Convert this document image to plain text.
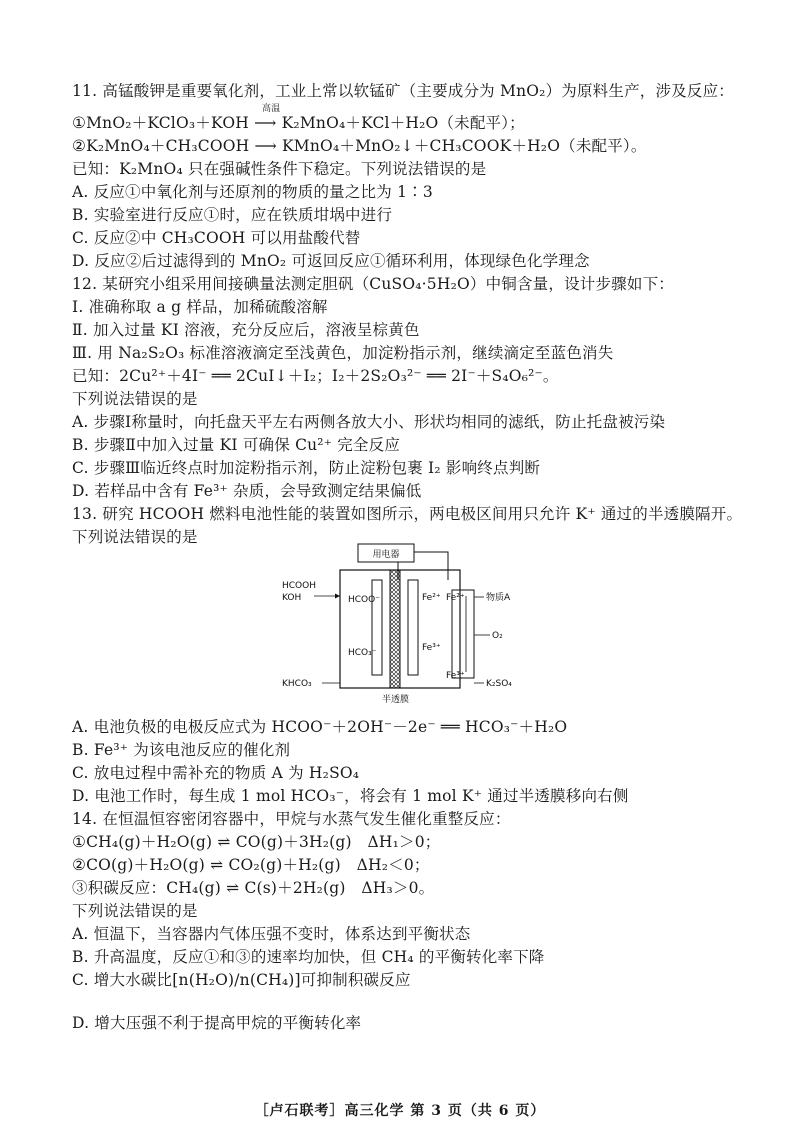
11. 高锰酸钾是重要氧化剂，工业上常以软锰矿（主要成分为 MnO₂）为原料生产，涉及反应：
高温
①MnO₂＋KClO₃＋KOH ⟶ K₂MnO₄＋KCl＋H₂O（未配平）；
②K₂MnO₄＋CH₃COOH ⟶ KMnO₄＋MnO₂↓＋CH₃COOK＋H₂O（未配平）。
已知：K₂MnO₄ 只在强碱性条件下稳定。下列说法错误的是
A. 反应①中氧化剂与还原剂的物质的量之比为 1∶3
B. 实验室进行反应①时，应在铁质坩埚中进行
C. 反应②中 CH₃COOH 可以用盐酸代替
D. 反应②后过滤得到的 MnO₂ 可返回反应①循环利用，体现绿色化学理念
12. 某研究小组采用间接碘量法测定胆矾（CuSO₄·5H₂O）中铜含量，设计步骤如下：
Ⅰ. 准确称取 a g 样品，加稀硫酸溶解
Ⅱ. 加入过量 KI 溶液，充分反应后，溶液呈棕黄色
Ⅲ. 用 Na₂S₂O₃ 标准溶液滴定至浅黄色，加淀粉指示剂，继续滴定至蓝色消失
已知：2Cu²⁺＋4I⁻ ══ 2CuI↓＋I₂；I₂＋2S₂O₃²⁻ ══ 2I⁻＋S₄O₆²⁻。
下列说法错误的是
A. 步骤Ⅰ称量时，向托盘天平左右两侧各放大小、形状均相同的滤纸，防止托盘被污染
B. 步骤Ⅱ中加入过量 KI 可确保 Cu²⁺ 完全反应
C. 步骤Ⅲ临近终点时加淀粉指示剂，防止淀粉包裹 I₂ 影响终点判断
D. 若样品中含有 Fe³⁺ 杂质，会导致测定结果偏低
13. 研究 HCOOH 燃料电池性能的装置如图所示，两电极区间用只允许 K⁺ 通过的半透膜隔开。
下列说法错误的是
用电器
HCOOH
KOH	HCOO⁻
HCO₃⁻
Fe²⁺
Fe³⁺
Fe²⁺
Fe³⁺
物质A
O₂
KHCO₃	K₂SO₄
半透膜
A. 电池负极的电极反应式为 HCOO⁻＋2OH⁻－2e⁻ ══ HCO₃⁻＋H₂O
B. Fe³⁺ 为该电池反应的催化剂
C. 放电过程中需补充的物质 A 为 H₂SO₄
D. 电池工作时，每生成 1 mol HCO₃⁻，将会有 1 mol K⁺ 通过半透膜移向右侧
14. 在恒温恒容密闭容器中，甲烷与水蒸气发生催化重整反应：
①CH₄(g)＋H₂O(g) ⇌ CO(g)＋3H₂(g)　ΔH₁＞0；
②CO(g)＋H₂O(g) ⇌ CO₂(g)＋H₂(g)　ΔH₂＜0；
③积碳反应：CH₄(g) ⇌ C(s)＋2H₂(g)　ΔH₃＞0。
下列说法错误的是
A. 恒温下，当容器内气体压强不变时，体系达到平衡状态
B. 升高温度，反应①和③的速率均加快，但 CH₄ 的平衡转化率下降
C. 增大水碳比[n(H₂O)/n(CH₄)]可抑制积碳反应
D. 增大压强不利于提高甲烷的平衡转化率
［卢石联考］高三化学 第 3 页（共 6 页）
